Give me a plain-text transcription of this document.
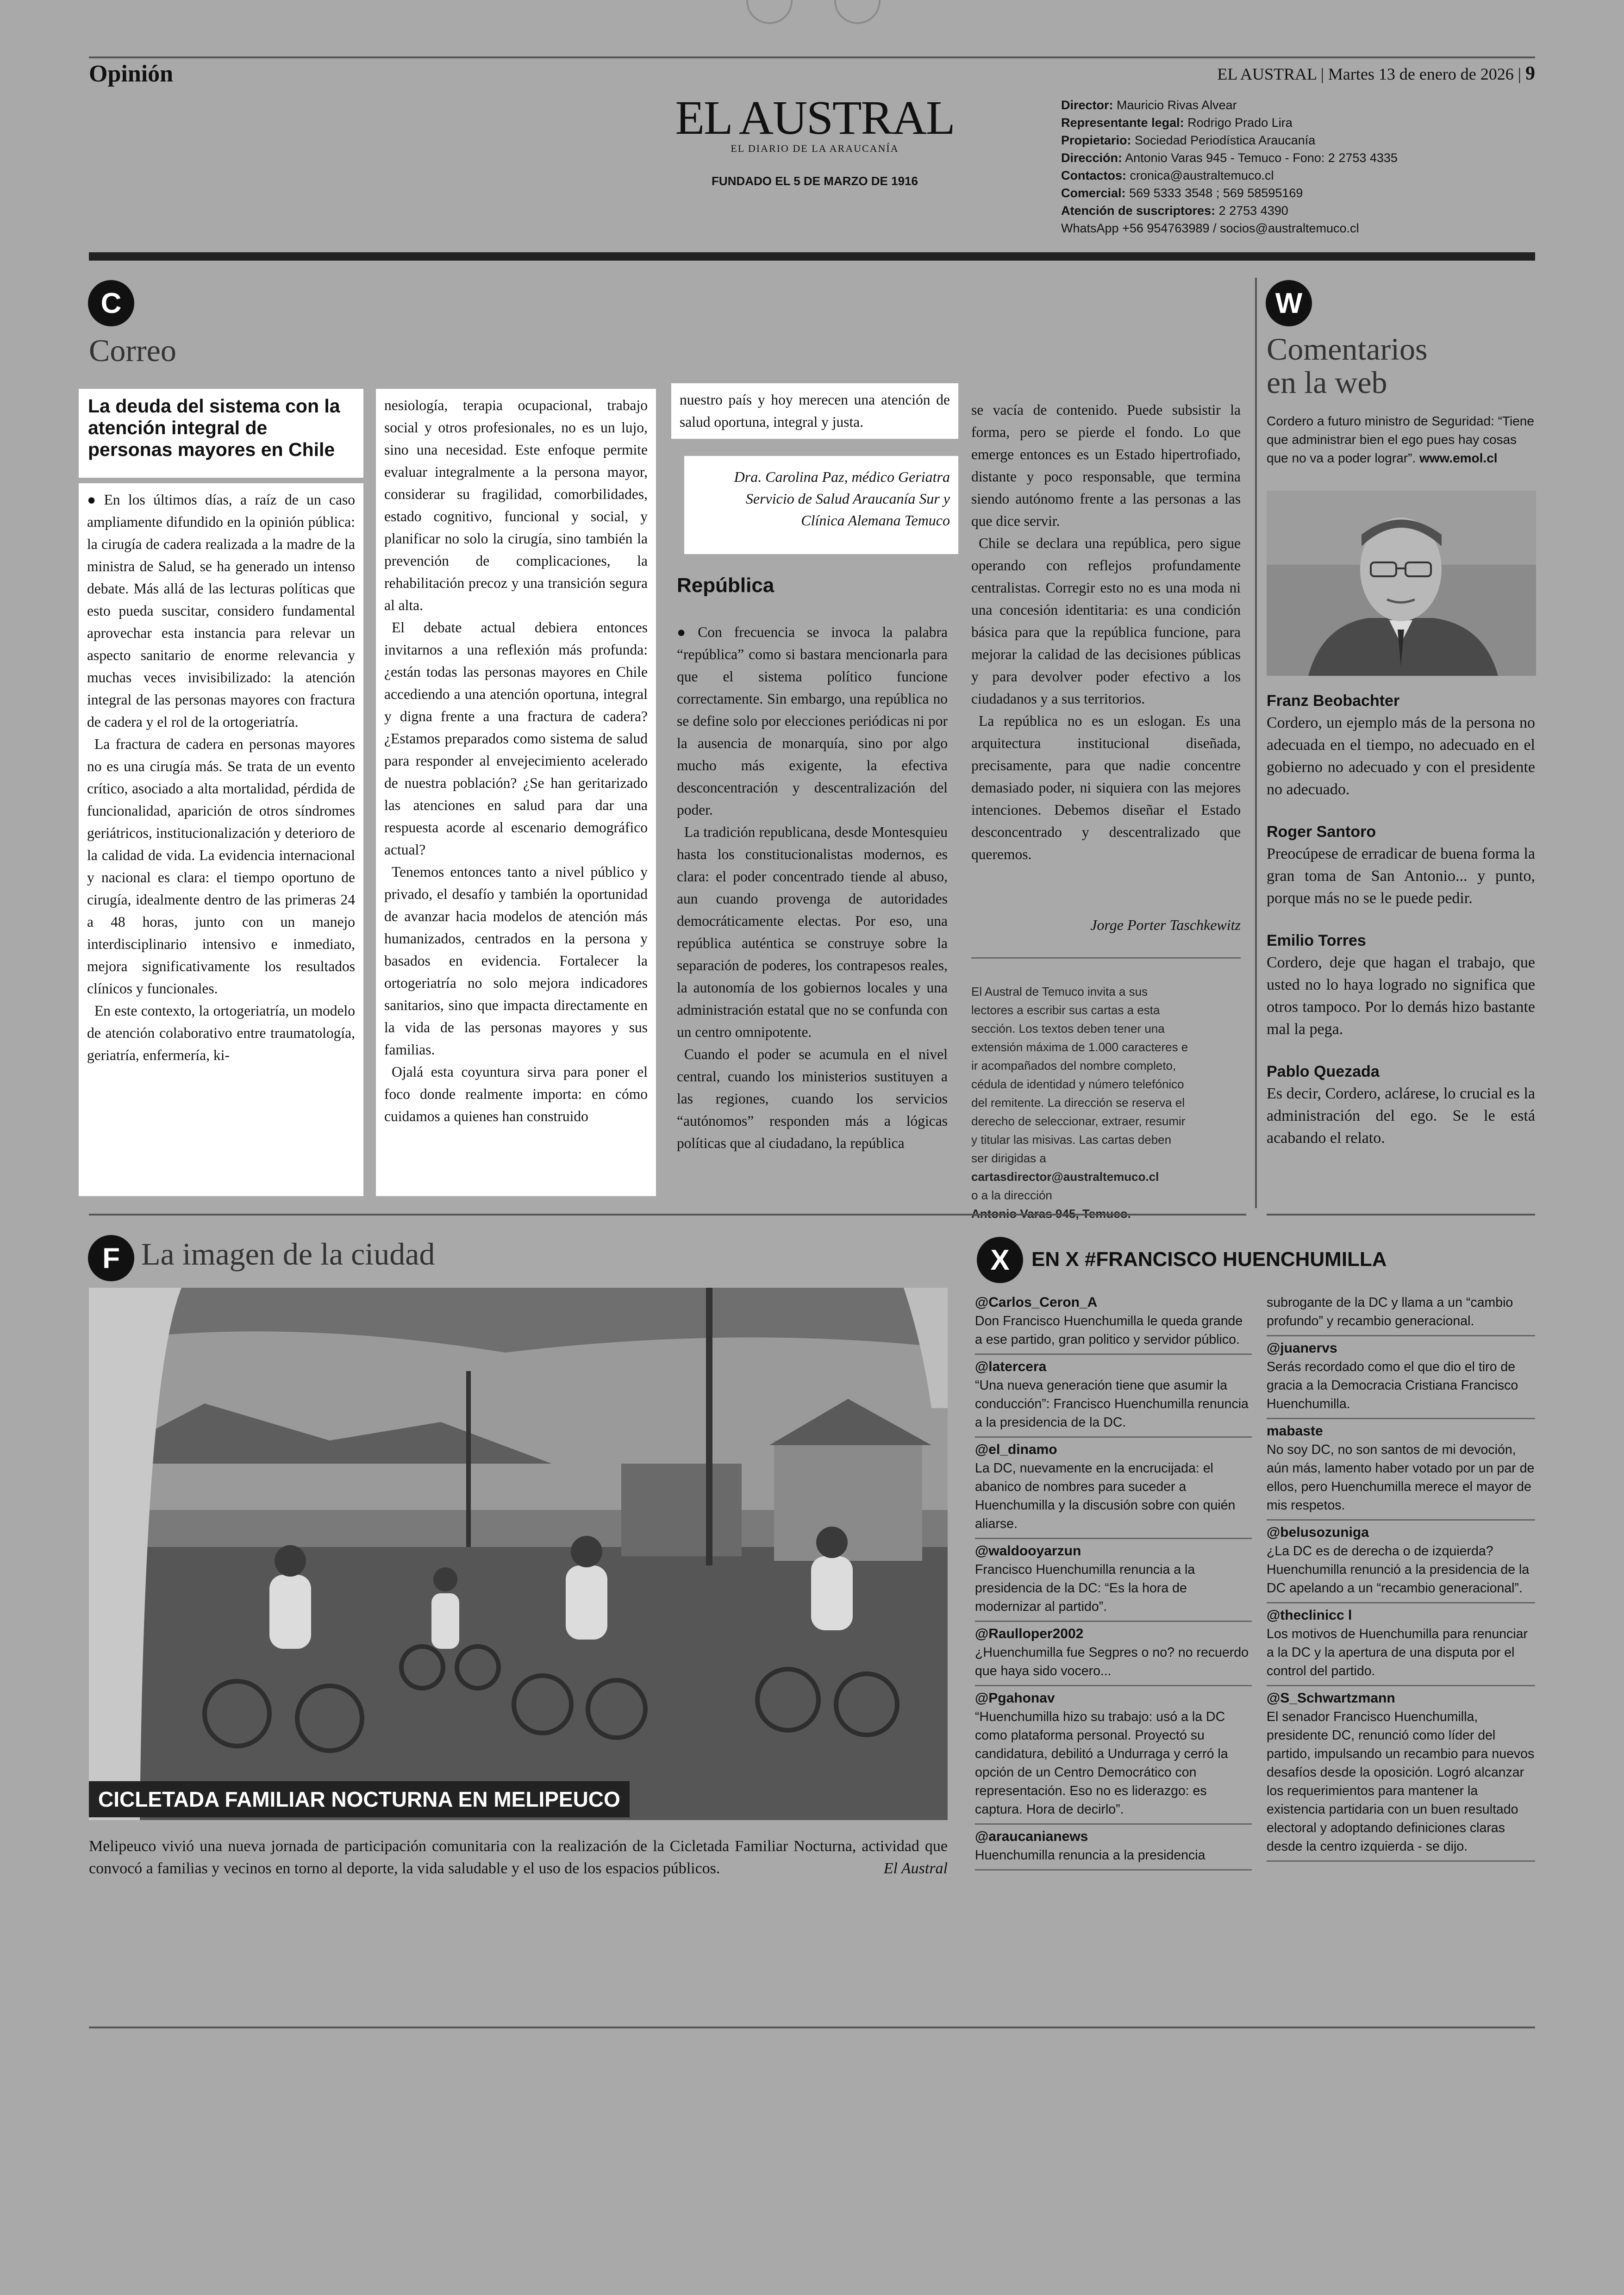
Opinión	EL AUSTRAL | Martes 13 de enero de 2026 | 9
EL AUSTRAL
EL DIARIO DE LA ARAUCANÍA
FUNDADO EL 5 DE MARZO DE 1916
Director: Mauricio Rivas Alvear
Representante legal: Rodrigo Prado Lira
Propietario: Sociedad Periodística Araucanía
Dirección: Antonio Varas 945 - Temuco - Fono: 2 2753 4335
Contactos: cronica@australtemuco.cl
Comercial: 569 5333 3548 ; 569 58595169
Atención de suscriptores: 2 2753 4390
WhatsApp +56 954763989 / socios@australtemuco.cl
C
Correo
La deuda del sistema con la atención integral de personas mayores en Chile

● En los últimos días, a raíz de un caso ampliamente difundido en la opinión pública: la cirugía de cadera realizada a la madre de la ministra de Salud, se ha generado un intenso debate. Más allá de las lecturas políticas que esto pueda suscitar, considero fundamental aprovechar esta instancia para relevar un aspecto sanitario de enorme relevancia y muchas veces invisibilizado: la atención integral de las personas mayores con fractura de cadera y el rol de la ortogeriatría.

La fractura de cadera en personas mayores no es una cirugía más. Se trata de un evento crítico, asociado a alta mortalidad, pérdida de funcionalidad, aparición de otros síndromes geriátricos, institucionalización y deterioro de la calidad de vida. La evidencia internacional y nacional es clara: el tiempo oportuno de cirugía, idealmente dentro de las primeras 24 a 48 horas, junto con un manejo interdisciplinario intensivo e inmediato, mejora significativamente los resultados clínicos y funcionales.

En este contexto, la ortogeriatría, un modelo de atención colaborativo entre traumatología, geriatría, enfermería, ki-

nesiología, terapia ocupacional, trabajo social y otros profesionales, no es un lujo, sino una necesidad. Este enfoque permite evaluar integralmente a la persona mayor, considerar su fragilidad, comorbilidades, estado cognitivo, funcional y social, y planificar no solo la cirugía, sino también la prevención de complicaciones, la rehabilitación precoz y una transición segura al alta.

El debate actual debiera entonces invitarnos a una reflexión más profunda: ¿están todas las personas mayores en Chile accediendo a una atención oportuna, integral y digna frente a una fractura de cadera? ¿Estamos preparados como sistema de salud para responder al envejecimiento acelerado de nuestra población? ¿Se han geritarizado las atenciones en salud para dar una respuesta acorde al escenario demográfico actual?

Tenemos entonces tanto a nivel público y privado, el desafío y también la oportunidad de avanzar hacia modelos de atención más humanizados, centrados en la persona y basados en evidencia. Fortalecer la ortogeriatría no solo mejora indicadores sanitarios, sino que impacta directamente en la vida de las personas mayores y sus familias.

Ojalá esta coyuntura sirva para poner el foco donde realmente importa: en cómo cuidamos a quienes han construido

nuestro país y hoy merecen una atención de salud oportuna, integral y justa.

Dra. Carolina Paz, médico Geriatra
Servicio de Salud Araucanía Sur y
Clínica Alemana Temuco
República

● Con frecuencia se invoca la palabra “república” como si bastara mencionarla para que el sistema político funcione correctamente. Sin embargo, una república no se define solo por elecciones periódicas ni por la ausencia de monarquía, sino por algo mucho más exigente, la efectiva desconcentración y descentralización del poder.

La tradición republicana, desde Montesquieu hasta los constitucionalistas modernos, es clara: el poder concentrado tiende al abuso, aun cuando provenga de autoridades democráticamente electas. Por eso, una república auténtica se construye sobre la separación de poderes, los contrapesos reales, la autonomía de los gobiernos locales y una administración estatal que no se confunda con un centro omnipotente.

Cuando el poder se acumula en el nivel central, cuando los ministerios sustituyen a las regiones, cuando los servicios “autónomos” responden más a lógicas políticas que al ciudadano, la república

se vacía de contenido. Puede subsistir la forma, pero se pierde el fondo. Lo que emerge entonces es un Estado hipertrofiado, distante y poco responsable, que termina siendo autónomo frente a las personas a las que dice servir.

Chile se declara una república, pero sigue operando con reflejos profundamente centralistas. Corregir esto no es una moda ni una concesión identitaria: es una condición básica para que la república funcione, para mejorar la calidad de las decisiones públicas y para devolver poder efectivo a los ciudadanos y a sus territorios.

La república no es un eslogan. Es una arquitectura institucional diseñada, precisamente, para que nadie concentre demasiado poder, ni siquiera con las mejores intenciones. Debemos diseñar el Estado desconcentrado y descentralizado que queremos.

Jorge Porter Taschkewitz
El Austral de Temuco invita a sus lectores a escribir sus cartas a esta sección. Los textos deben tener una extensión máxima de 1.000 caracteres e ir acompañados del nombre completo, cédula de identidad y número telefónico del remitente. La dirección se reserva el derecho de seleccionar, extraer, resumir y titular las misivas. Las cartas deben ser dirigidas a
cartasdirector@australtemuco.cl
o a la dirección

W
Comentarios
en la web
Cordero a futuro ministro de Seguridad: “Tiene que administrar bien el ego pues hay cosas que no va a poder lograr”. www.emol.cl
Franz Beobachter
Cordero, un ejemplo más de la persona no adecuada en el tiempo, no adecuado en el gobierno no adecuado y con el presidente no adecuado.
Roger Santoro
Preocúpese de erradicar de buena forma la gran toma de San Antonio... y punto, porque más no se le puede pedir.
Emilio Torres
Cordero, deje que hagan el trabajo, que usted no lo haya logrado no significa que otros tampoco. Por lo demás hizo bastante mal la pega.
Pablo Quezada
Es decir, Cordero, aclárese, lo crucial es la administración del ego. Se le está acabando el relato.
F La imagen de la ciudad
CICLETADA FAMILIAR NOCTURNA EN MELIPEUCO
Melipeuco vivió una nueva jornada de participación comunitaria con la realización de la Cicletada Familiar Nocturna, actividad que convocó a familias y vecinos en torno al deporte, la vida saludable y el uso de los espacios públicos.	El Austral
X	EN X #FRANCISCO HUENCHUMILLA
@Carlos_Ceron_A
Don Francisco Huenchumilla le queda grande a ese partido, gran politico y servidor público.
@latercera
“Una nueva generación tiene que asumir la conducción”: Francisco Huenchumilla renuncia a la presidencia de la DC.
@el_dinamo
La DC, nuevamente en la encrucijada: el abanico de nombres para suceder a Huenchumilla y la discusión sobre con quién aliarse.
@waldooyarzun
Francisco Huenchumilla renuncia a la presidencia de la DC: “Es la hora de modernizar al partido”.
@Raulloper2002
¿Huenchumilla fue Segpres o no? no recuerdo que haya sido vocero...
@Pgahonav
“Huenchumilla hizo su trabajo: usó a la DC como plataforma personal. Proyectó su candidatura, debilitó a Undurraga y cerró la opción de un Centro Democrático con representación. Eso no es liderazgo: es captura. Hora de decirlo”.
@araucanianews
Huenchumilla renuncia a la presidencia
subrogante de la DC y llama a un “cambio profundo” y recambio generacional.
@juanervs
Serás recordado como el que dio el tiro de gracia a la Democracia Cristiana Francisco Huenchumilla.
mabaste
No soy DC, no son santos de mi devoción, aún más, lamento haber votado por un par de ellos, pero Huenchumilla merece el mayor de mis respetos.
@belusozuniga
¿La DC es de derecha o de izquierda?Huenchumilla renunció a la presidencia de la DC apelando a un “recambio generacional”.
@theclinicc l
Los motivos de Huenchumilla para renunciar a la DC y la apertura de una disputa por el control del partido.
@S_Schwartzmann
El senador Francisco Huenchumilla, presidente DC, renunció como líder del partido, impulsando un recambio para nuevos desafíos desde la oposición. Logró alcanzar los requerimientos para mantener la existencia partidaria con un buen resultado electoral y adoptando definiciones claras desde la centro izquierda - se dijo.
